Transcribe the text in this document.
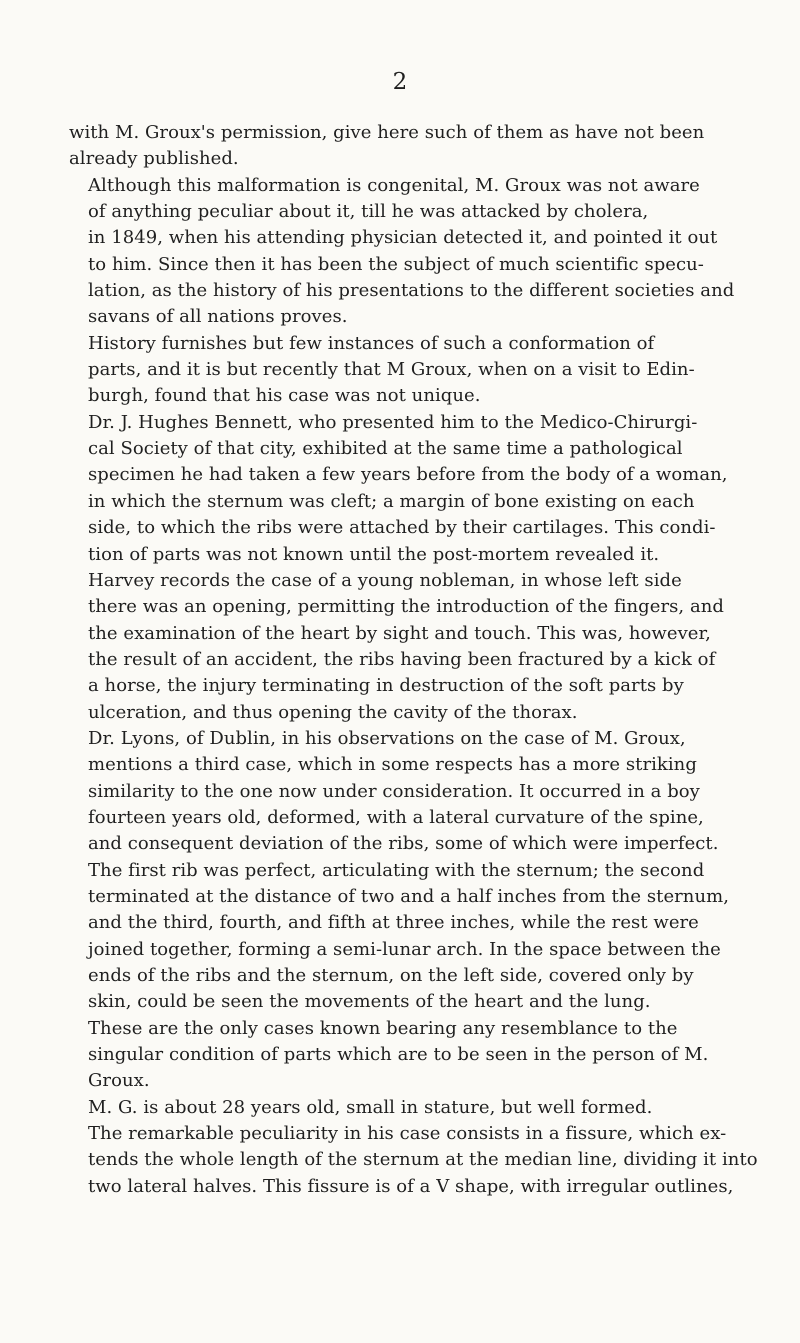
2

with M. Groux's permission, give here such of them as have not been
already published.

Although this malformation is congenital, M. Groux was not aware
of anything peculiar about it, till he was attacked by cholera,
in 1849, when his attending physician detected it, and pointed it out
to him. Since then it has been the subject of much scientific specu-
lation, as the history of his presentations to the different societies and
savans of all nations proves.

History furnishes but few instances of such a conformation of
parts, and it is but recently that M Groux, when on a visit to Edin-
burgh, found that his case was not unique.

Dr. J. Hughes Bennett, who presented him to the Medico-Chirurgi-
cal Society of that city, exhibited at the same time a pathological
specimen he had taken a few years before from the body of a woman,
in which the sternum was cleft; a margin of bone existing on each
side, to which the ribs were attached by their cartilages. This condi-
tion of parts was not known until the post-mortem revealed it.

Harvey records the case of a young nobleman, in whose left side
there was an opening, permitting the introduction of the fingers, and
the examination of the heart by sight and touch. This was, however,
the result of an accident, the ribs having been fractured by a kick of
a horse, the injury terminating in destruction of the soft parts by
ulceration, and thus opening the cavity of the thorax.

Dr. Lyons, of Dublin, in his observations on the case of M. Groux,
mentions a third case, which in some respects has a more striking
similarity to the one now under consideration. It occurred in a boy
fourteen years old, deformed, with a lateral curvature of the spine,
and consequent deviation of the ribs, some of which were imperfect.
The first rib was perfect, articulating with the sternum; the second
terminated at the distance of two and a half inches from the sternum,
and the third, fourth, and fifth at three inches, while the rest were
joined together, forming a semi-lunar arch. In the space between the
ends of the ribs and the sternum, on the left side, covered only by
skin, could be seen the movements of the heart and the lung.

These are the only cases known bearing any resemblance to the
singular condition of parts which are to be seen in the person of M.
Groux.

M. G. is about 28 years old, small in stature, but well formed.
The remarkable peculiarity in his case consists in a fissure, which ex-
tends the whole length of the sternum at the median line, dividing it into
two lateral halves. This fissure is of a V shape, with irregular outlines,
